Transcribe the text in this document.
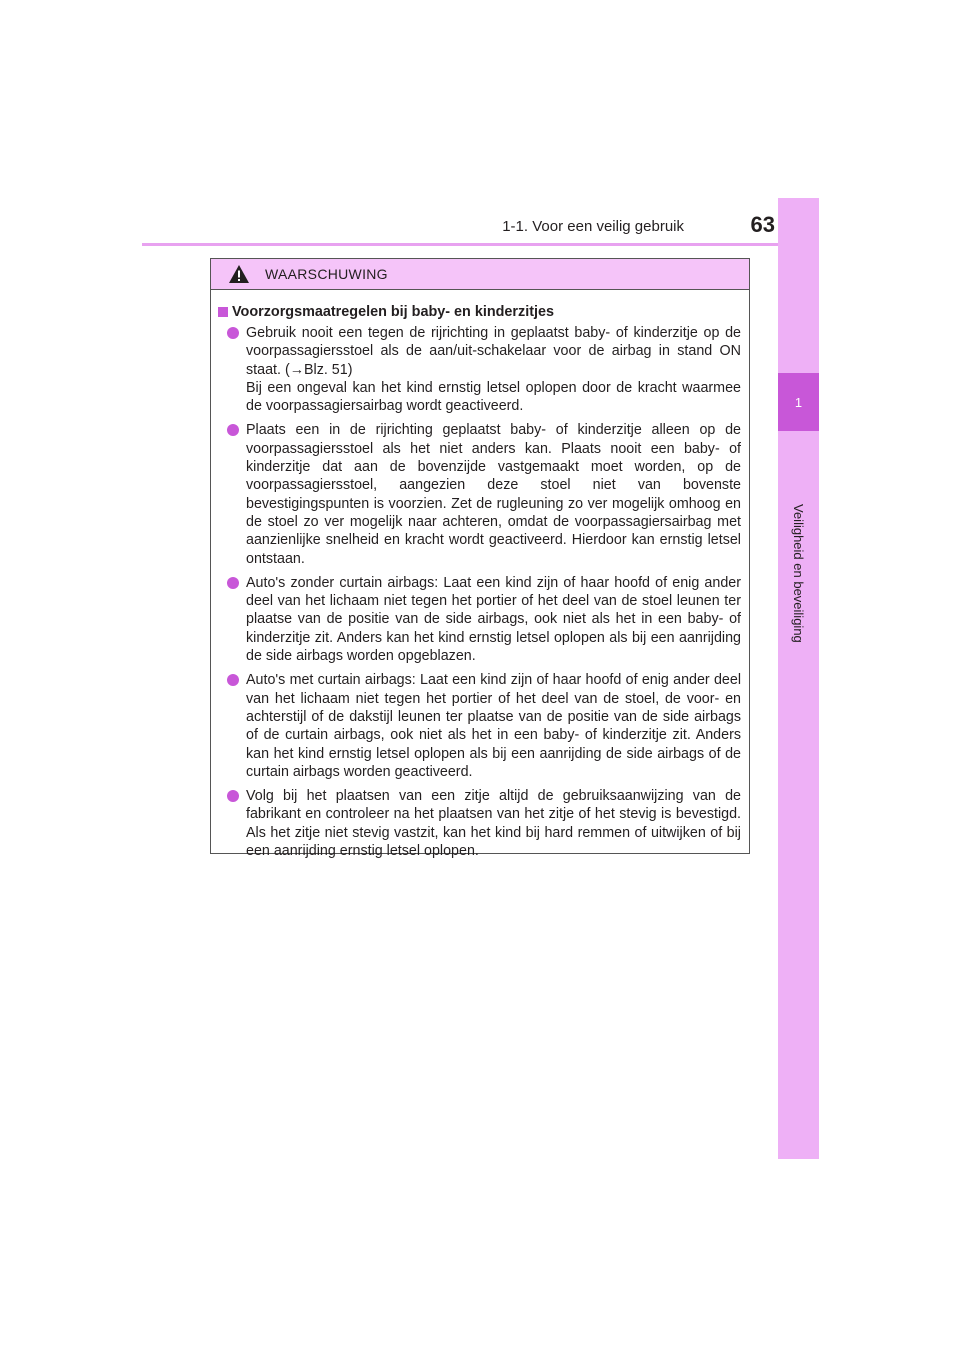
1-1. Voor een veilig gebruik	63
1
Veiligheid en beveiliging
WAARSCHUWING
Voorzorgsmaatregelen bij baby- en kinderzitjes

Gebruik nooit een tegen de rijrichting in geplaatst baby- of kinderzitje op de voorpassagiersstoel als de aan/uit-schakelaar voor de airbag in stand ON staat. (→Blz. 51)

Bij een ongeval kan het kind ernstig letsel oplopen door de kracht waarmee de voorpassagiersairbag wordt geactiveerd.

Plaats een in de rijrichting geplaatst baby- of kinderzitje alleen op de voorpassagiersstoel als het niet anders kan. Plaats nooit een baby- of kinderzitje dat aan de bovenzijde vastgemaakt moet worden, op de voorpassagiersstoel, aangezien deze stoel niet van bovenste bevestigingspunten is voorzien. Zet de rugleuning zo ver mogelijk omhoog en de stoel zo ver mogelijk naar achteren, omdat de voorpassagiersairbag met aanzienlijke snelheid en kracht wordt geactiveerd. Hierdoor kan ernstig letsel ontstaan.
Auto's zonder curtain airbags: Laat een kind zijn of haar hoofd of enig ander deel van het lichaam niet tegen het portier of het deel van de stoel leunen ter plaatse van de positie van de side airbags, ook niet als het in een baby- of kinderzitje zit. Anders kan het kind ernstig letsel oplopen als bij een aanrijding de side airbags worden opgeblazen.
Auto's met curtain airbags: Laat een kind zijn of haar hoofd of enig ander deel van het lichaam niet tegen het portier of het deel van de stoel, de voor- en achterstijl of de dakstijl leunen ter plaatse van de positie van de side airbags of de curtain airbags, ook niet als het in een baby- of kinderzitje zit. Anders kan het kind ernstig letsel oplopen als bij een aanrijding de side airbags of de curtain airbags worden geactiveerd.
Volg bij het plaatsen van een zitje altijd de gebruiksaanwijzing van de fabrikant en controleer na het plaatsen van het zitje of het stevig is bevestigd. Als het zitje niet stevig vastzit, kan het kind bij hard remmen of uitwijken of bij een aanrijding ernstig letsel oplopen.
